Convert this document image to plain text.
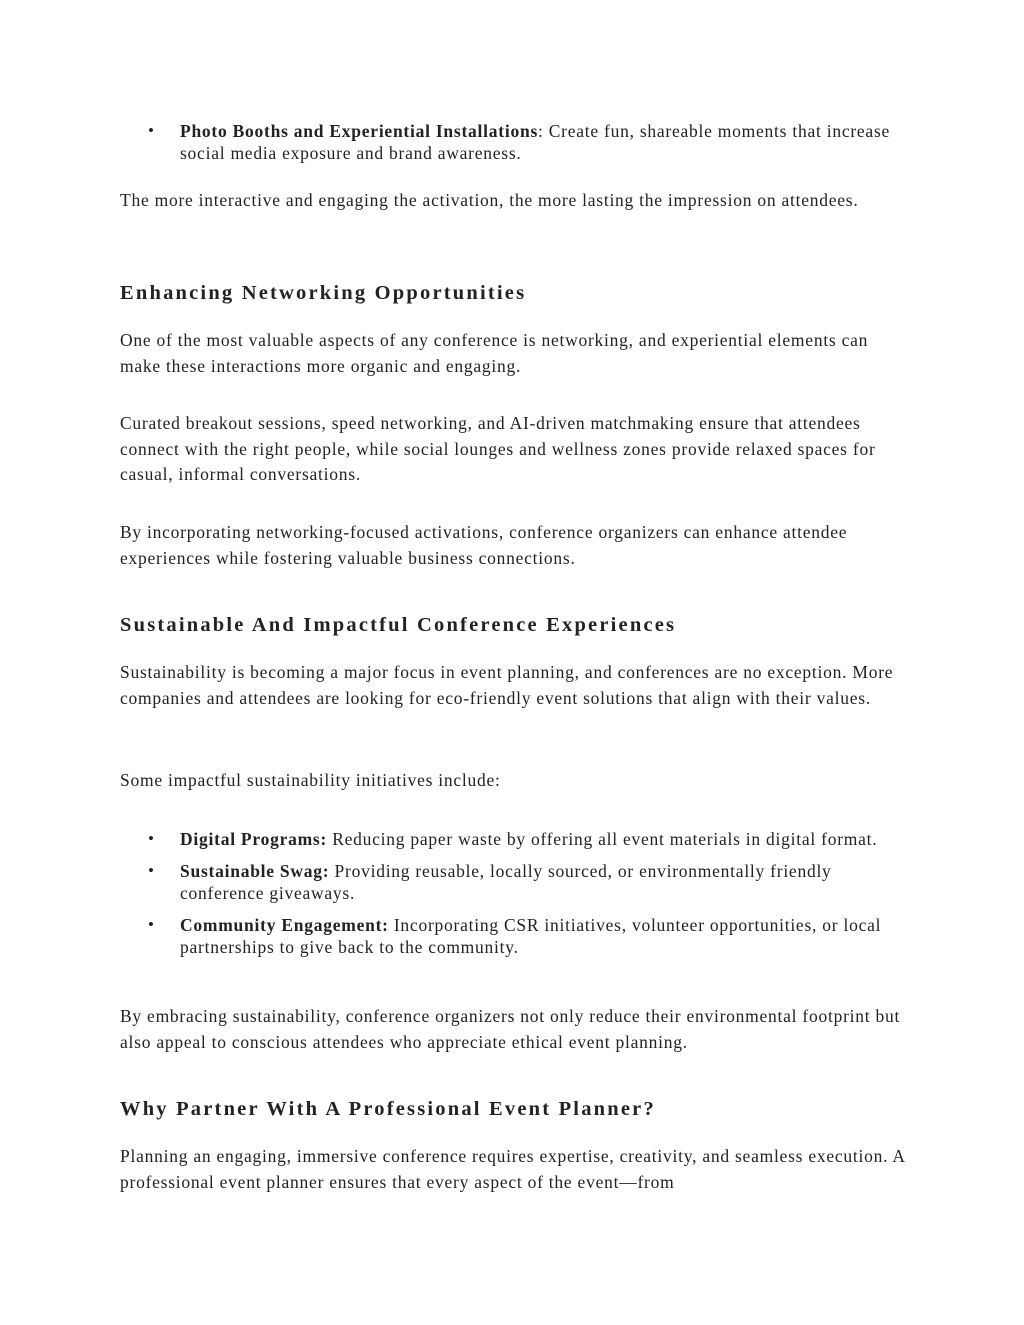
• Photo Booths and Experiential Installations: Create fun, shareable moments that increase social media exposure and brand awareness.

The more interactive and engaging the activation, the more lasting the impression on attendees.

Enhancing Networking Opportunities

One of the most valuable aspects of any conference is networking, and experiential elements can make these interactions more organic and engaging.

Curated breakout sessions, speed networking, and AI-driven matchmaking ensure that attendees connect with the right people, while social lounges and wellness zones provide relaxed spaces for casual, informal conversations.

By incorporating networking-focused activations, conference organizers can enhance attendee experiences while fostering valuable business connections.

Sustainable And Impactful Conference Experiences

Sustainability is becoming a major focus in event planning, and conferences are no exception. More companies and attendees are looking for eco-friendly event solutions that align with their values.

Some impactful sustainability initiatives include:

• Digital Programs: Reducing paper waste by offering all event materials in digital format.
• Sustainable Swag: Providing reusable, locally sourced, or environmentally friendly conference giveaways.
• Community Engagement: Incorporating CSR initiatives, volunteer opportunities, or local partnerships to give back to the community.

By embracing sustainability, conference organizers not only reduce their environmental footprint but also appeal to conscious attendees who appreciate ethical event planning.

Why Partner With A Professional Event Planner?

Planning an engaging, immersive conference requires expertise, creativity, and seamless execution. A professional event planner ensures that every aspect of the event—from
